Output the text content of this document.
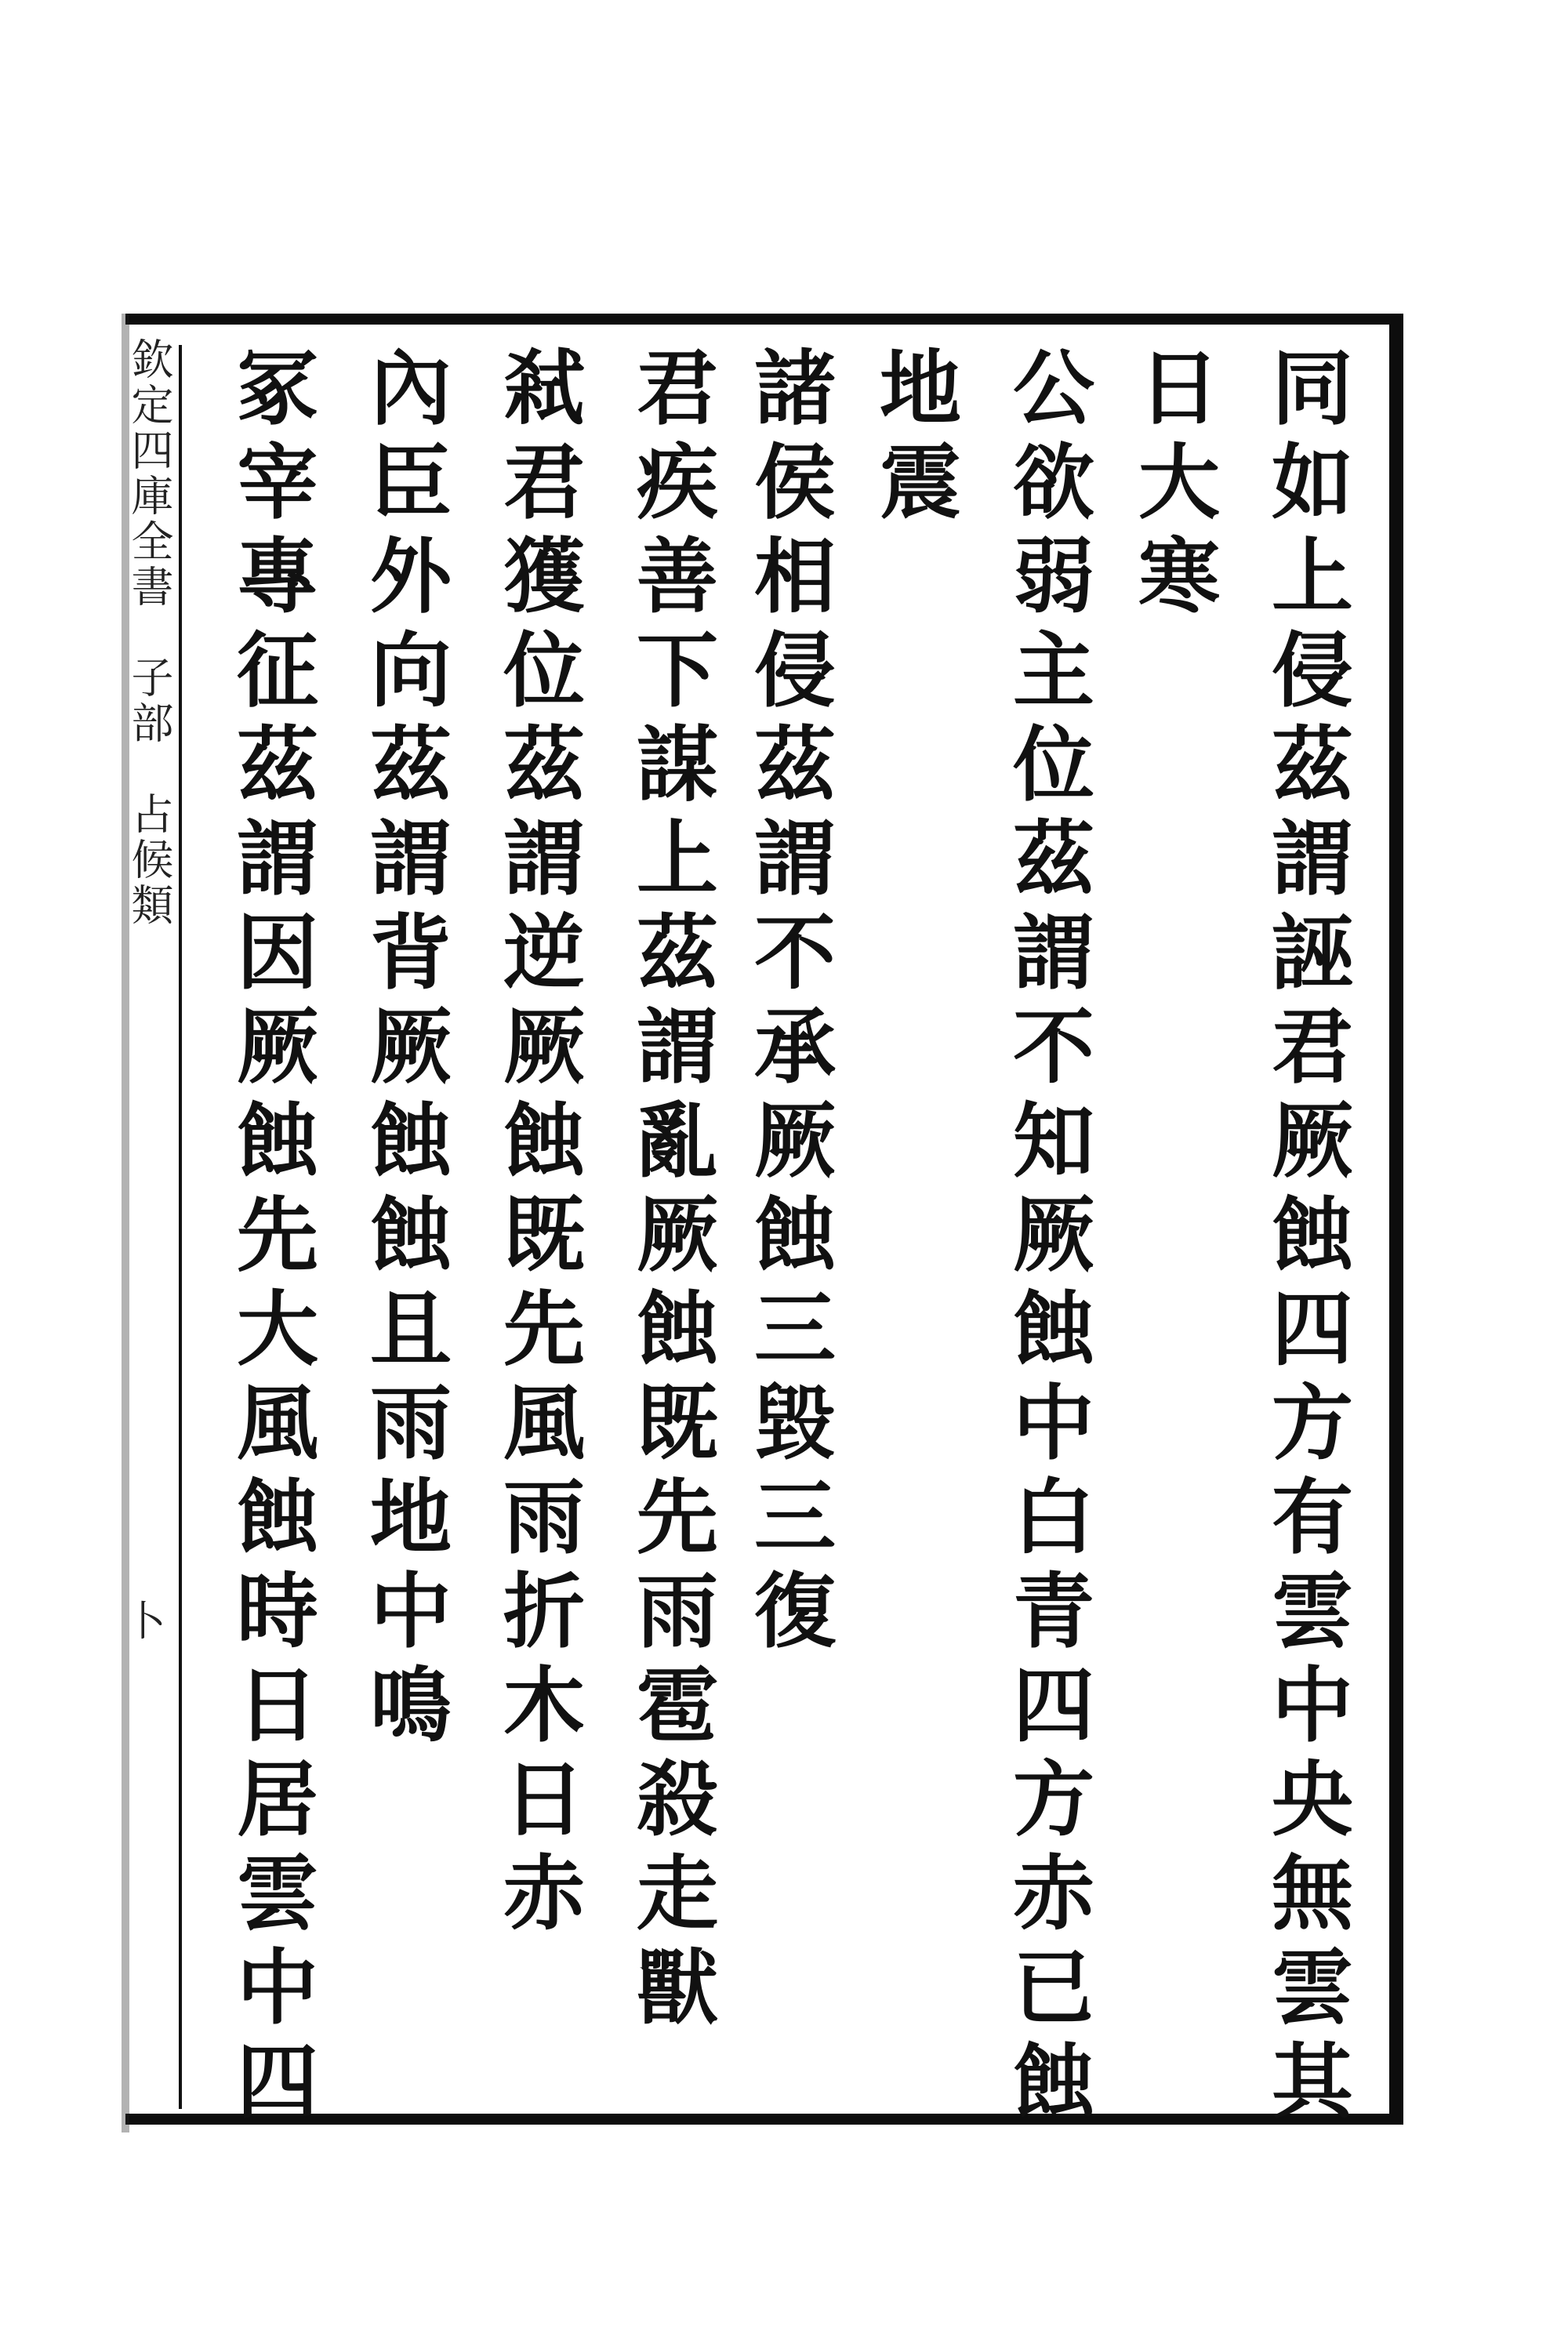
同如上侵茲謂誣君厥蝕四方有雲中央無雲其
日大寒
公欲弱主位茲謂不知厥蝕中白青四方赤已蝕
地震
諸侯相侵茲謂不承厥蝕三毀三復
君疾善下謀上茲謂亂厥蝕既先雨雹殺走獸
弒君獲位茲謂逆厥蝕既先風雨折木日赤
內臣外向茲謂背厥蝕蝕且雨地中鳴
冢宰專征茲謂因厥蝕先大風蝕時日居雲中四
欽定四庫全書　子部　占候類
卜
